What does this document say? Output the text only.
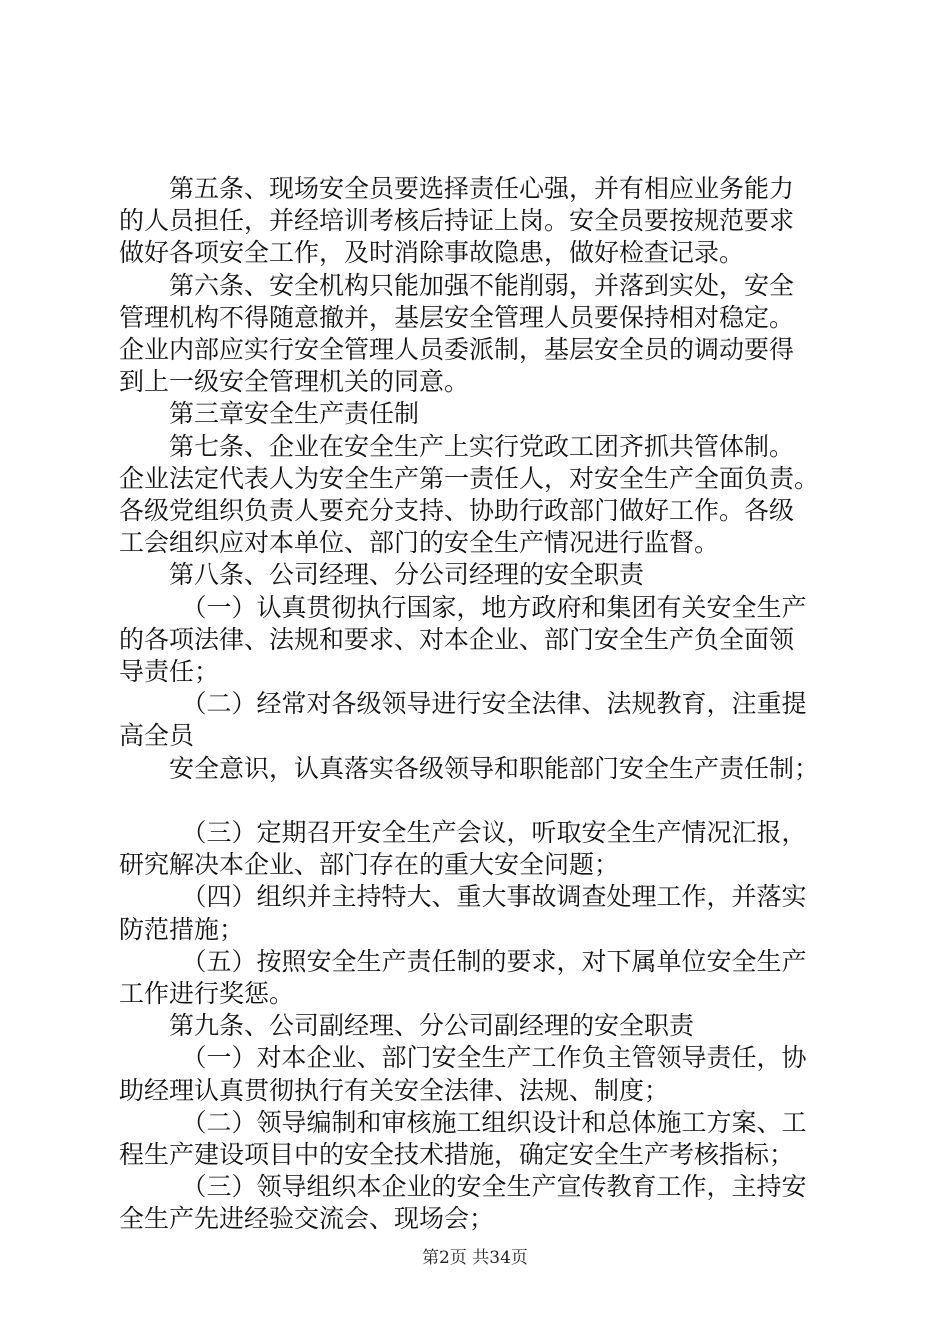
第五条、现场安全员要选择责任心强，并有相应业务能力

的人员担任，并经培训考核后持证上岗。安全员要按规范要求

做好各项安全工作，及时消除事故隐患，做好检查记录。

第六条、安全机构只能加强不能削弱，并落到实处，安全

管理机构不得随意撤并，基层安全管理人员要保持相对稳定。

企业内部应实行安全管理人员委派制，基层安全员的调动要得

到上一级安全管理机关的同意。

第三章安全生产责任制

第七条、企业在安全生产上实行党政工团齐抓共管体制。

企业法定代表人为安全生产第一责任人，对安全生产全面负责。

各级党组织负责人要充分支持、协助行政部门做好工作。各级

工会组织应对本单位、部门的安全生产情况进行监督。

第八条、公司经理、分公司经理的安全职责

（一）认真贯彻执行国家，地方政府和集团有关安全生产

的各项法律、法规和要求、对本企业、部门安全生产负全面领

导责任；

（二）经常对各级领导进行安全法律、法规教育，注重提

高全员

安全意识，认真落实各级领导和职能部门安全生产责任制；

（三）定期召开安全生产会议，听取安全生产情况汇报，

研究解决本企业、部门存在的重大安全问题；

（四）组织并主持特大、重大事故调查处理工作，并落实

防范措施；

（五）按照安全生产责任制的要求，对下属单位安全生产

工作进行奖惩。

第九条、公司副经理、分公司副经理的安全职责

（一）对本企业、部门安全生产工作负主管领导责任，协

助经理认真贯彻执行有关安全法律、法规、制度；

（二）领导编制和审核施工组织设计和总体施工方案、工

程生产建设项目中的安全技术措施，确定安全生产考核指标；

（三）领导组织本企业的安全生产宣传教育工作，主持安

全生产先进经验交流会、现场会；

第2页 共34页
